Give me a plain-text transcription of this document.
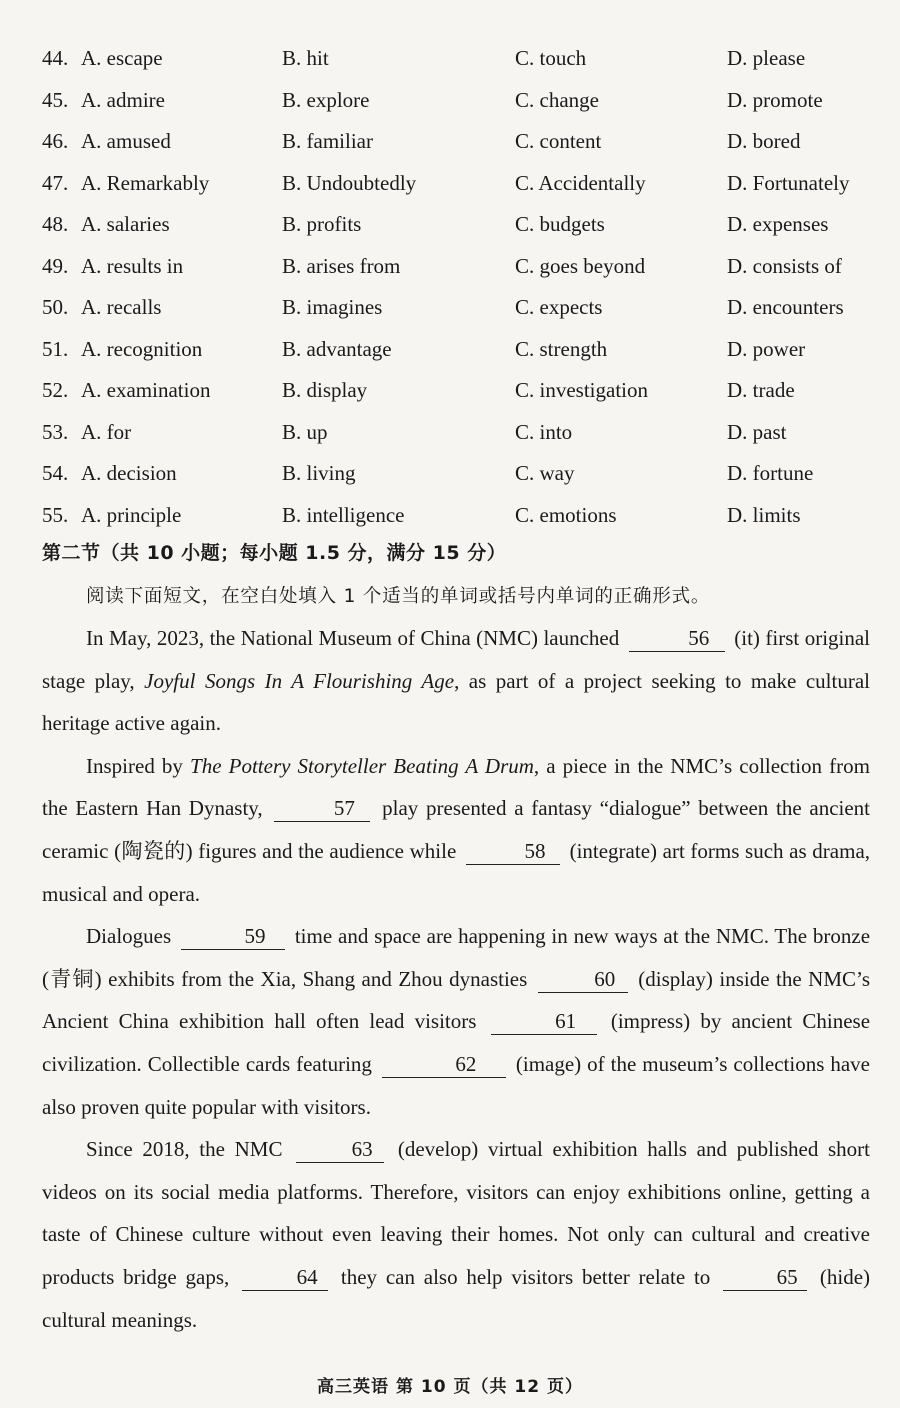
44. A. escape	B. hit	C. touch	D. please
45. A. admire	B. explore	C. change	D. promote
46. A. amused	B. familiar	C. content	D. bored
47. A. Remarkably	B. Undoubtedly	C. Accidentally	D. Fortunately
48. A. salaries	B. profits	C. budgets	D. expenses
49. A. results in	B. arises from	C. goes beyond	D. consists of
50. A. recalls	B. imagines	C. expects	D. encounters
51. A. recognition	B. advantage	C. strength	D. power
52. A. examination	B. display	C. investigation	D. trade
53. A. for	B. up	C. into	D. past
54. A. decision	B. living	C. way	D. fortune
55. A. principle	B. intelligence	C. emotions	D. limits
第二节（共 10 小题；每小题 1.5 分，满分 15 分）
阅读下面短文，在空白处填入 1 个适当的单词或括号内单词的正确形式。

In May, 2023, the National Museum of China (NMC) launched	56 (it) first original stage play, Joyful Songs In A Flourishing Age, as part of a project seeking to make cultural heritage active again.

Inspired by The Pottery Storyteller Beating A Drum, a piece in the NMC’s collection from the Eastern Han Dynasty,	57 play presented a fantasy “dialogue” between the ancient ceramic (陶瓷的) figures and the audience while	58 (integrate) art forms such as drama, musical and opera.

Dialogues	59 time and space are happening in new ways at the NMC. The bronze (青铜) exhibits from the Xia, Shang and Zhou dynasties	60 (display) inside the NMC’s Ancient China exhibition hall often lead visitors	61 (impress) by ancient Chinese civilization. Collectible cards featuring	62 (image) of the museum’s collections have also proven quite popular with visitors.

Since 2018, the NMC	63 (develop) virtual exhibition halls and published short videos on its social media platforms. Therefore, visitors can enjoy exhibitions online, getting a taste of Chinese culture without even leaving their homes. Not only can cultural and creative products bridge gaps,	64 they can also help visitors better relate to	65 (hide) cultural meanings.

高三英语 第 10 页（共 12 页）
